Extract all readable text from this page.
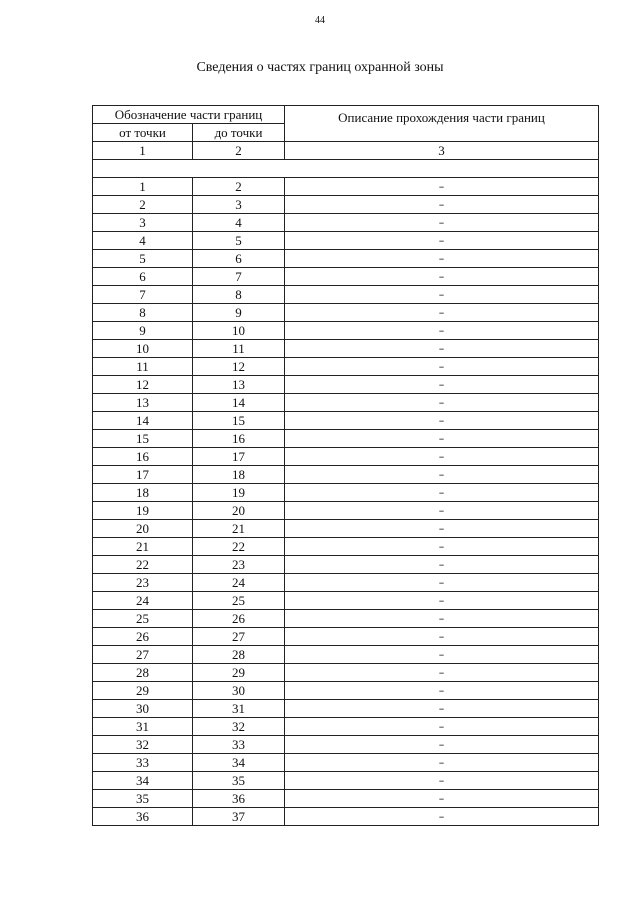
44
Сведения о частях границ охранной зоны
Обозначение части границ		Описание прохождения части границ
от точки	до точки	
1	2	3

1	2	–
2	3	–
3	4	–
4	5	–
5	6	–
6	7	–
7	8	–
8	9	–
9	10	–
10	11	–
11	12	–
12	13	–
13	14	–
14	15	–
15	16	–
16	17	–
17	18	–
18	19	–
19	20	–
20	21	–
21	22	–
22	23	–
23	24	–
24	25	–
25	26	–
26	27	–
27	28	–
28	29	–
29	30	–
30	31	–
31	32	–
32	33	–
33	34	–
34	35	–
35	36	–
36	37	–
